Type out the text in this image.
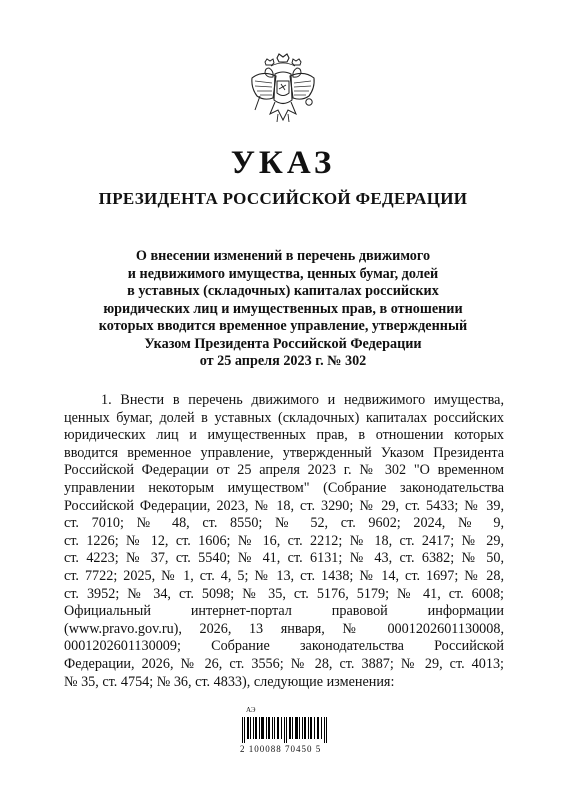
УКАЗ
ПРЕЗИДЕНТА РОССИЙСКОЙ ФЕДЕРАЦИИ
О внесении изменений в перечень движимого
и недвижимого имущества, ценных бумаг, долей
в уставных (складочных) капиталах российских
юридических лиц и имущественных прав, в отношении
которых вводится временное управление, утвержденный
Указом Президента Российской Федерации
от 25 апреля 2023 г. № 302
1. Внести в перечень движимого и недвижимого имущества,
ценных бумаг, долей в уставных (складочных) капиталах российских
юридических лиц и имущественных прав, в отношении которых
вводится временное управление, утвержденный Указом Президента
Российской Федерации от 25 апреля 2023 г. № 302 "О временном
управлении некоторым имуществом" (Собрание законодательства
Российской Федерации, 2023, № 18, ст. 3290; № 29, ст. 5433; № 39,
ст. 7010; № 48, ст. 8550; № 52, ст. 9602; 2024, № 9,
ст. 1226; № 12, ст. 1606; № 16, ст. 2212; № 18, ст. 2417; № 29,
ст. 4223; № 37, ст. 5540; № 41, ст. 6131; № 43, ст. 6382; № 50,
ст. 7722; 2025, № 1, ст. 4, 5; № 13, ст. 1438; № 14, ст. 1697; № 28,
ст. 3952; № 34, ст. 5098; № 35, ст. 5176, 5179; № 41, ст. 6008;
Официальный интернет-портал правовой информации
(www.pravo.gov.ru), 2026, 13 января, № 0001202601130008,
0001202601130009; Собрание законодательства Российской
Федерации, 2026, № 26, ст. 3556; № 28, ст. 3887; № 29, ст. 4013;
№ 35, ст. 4754; № 36, ст. 4833), следующие изменения:
АЭ
2 100088 70450 5
